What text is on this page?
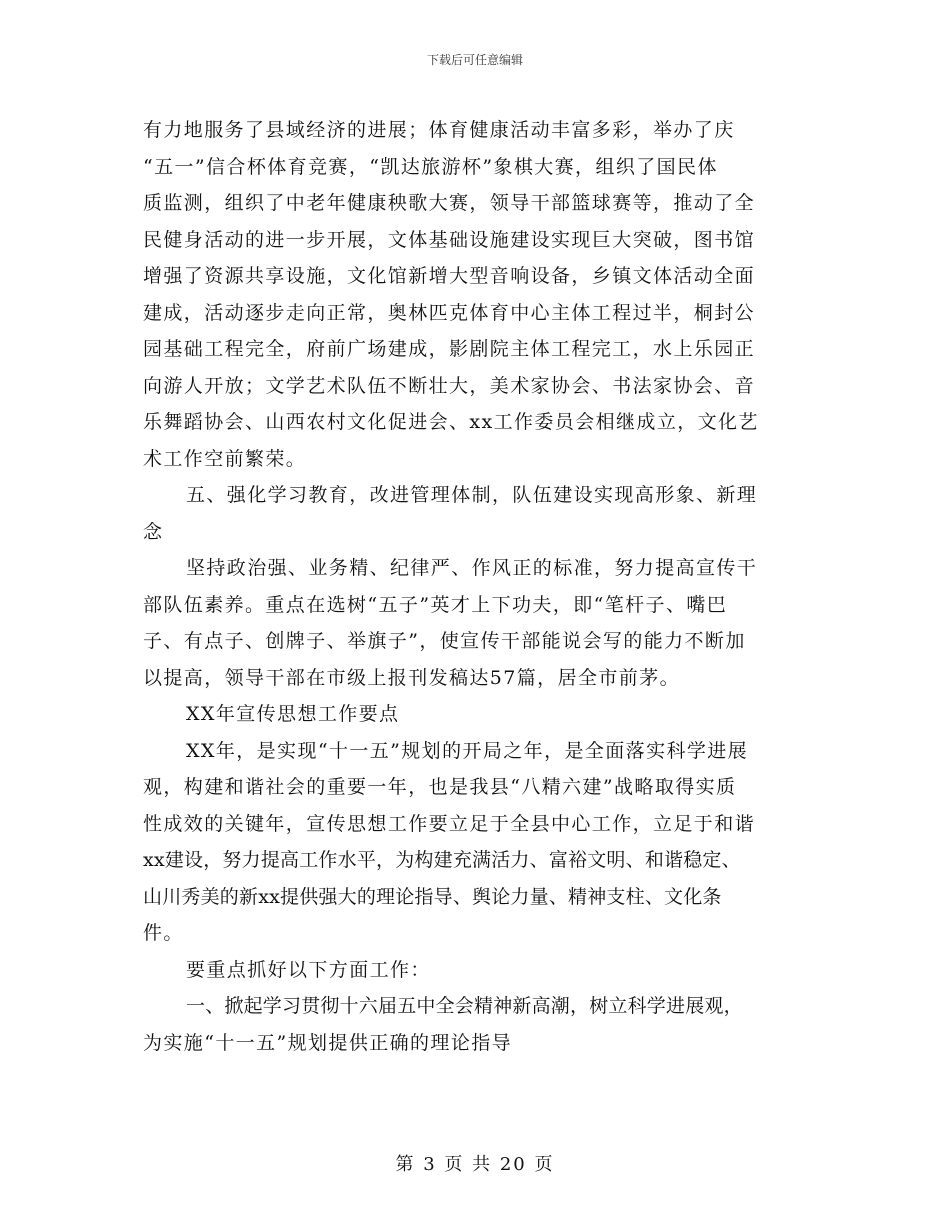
下载后可任意编辑
有力地服务了县域经济的进展；体育健康活动丰富多彩，举办了庆
“五一”信合杯体育竞赛，“凯达旅游杯”象棋大赛，组织了国民体
质监测，组织了中老年健康秧歌大赛，领导干部篮球赛等，推动了全
民健身活动的进一步开展，文体基础设施建设实现巨大突破，图书馆
增强了资源共享设施，文化馆新增大型音响设备，乡镇文体活动全面
建成，活动逐步走向正常，奥林匹克体育中心主体工程过半，桐封公
园基础工程完全，府前广场建成，影剧院主体工程完工，水上乐园正
向游人开放；文学艺术队伍不断壮大，美术家协会、书法家协会、音
乐舞蹈协会、山西农村文化促进会、xx工作委员会相继成立，文化艺
术工作空前繁荣。
五、强化学习教育，改进管理体制，队伍建设实现高形象、新理
念
坚持政治强、业务精、纪律严、作风正的标准，努力提高宣传干
部队伍素养。重点在选树“五子”英才上下功夫，即“笔杆子、嘴巴
子、有点子、创牌子、举旗子”，使宣传干部能说会写的能力不断加
以提高，领导干部在市级上报刊发稿达57篇，居全市前茅。
XX年宣传思想工作要点
XX年，是实现“十一五”规划的开局之年，是全面落实科学进展
观，构建和谐社会的重要一年，也是我县“八精六建”战略取得实质
性成效的关键年，宣传思想工作要立足于全县中心工作，立足于和谐
xx建设，努力提高工作水平，为构建充满活力、富裕文明、和谐稳定、
山川秀美的新xx提供强大的理论指导、舆论力量、精神支柱、文化条
件。
要重点抓好以下方面工作：
一、掀起学习贯彻十六届五中全会精神新高潮，树立科学进展观，
为实施“十一五”规划提供正确的理论指导
第 3 页 共 20 页
